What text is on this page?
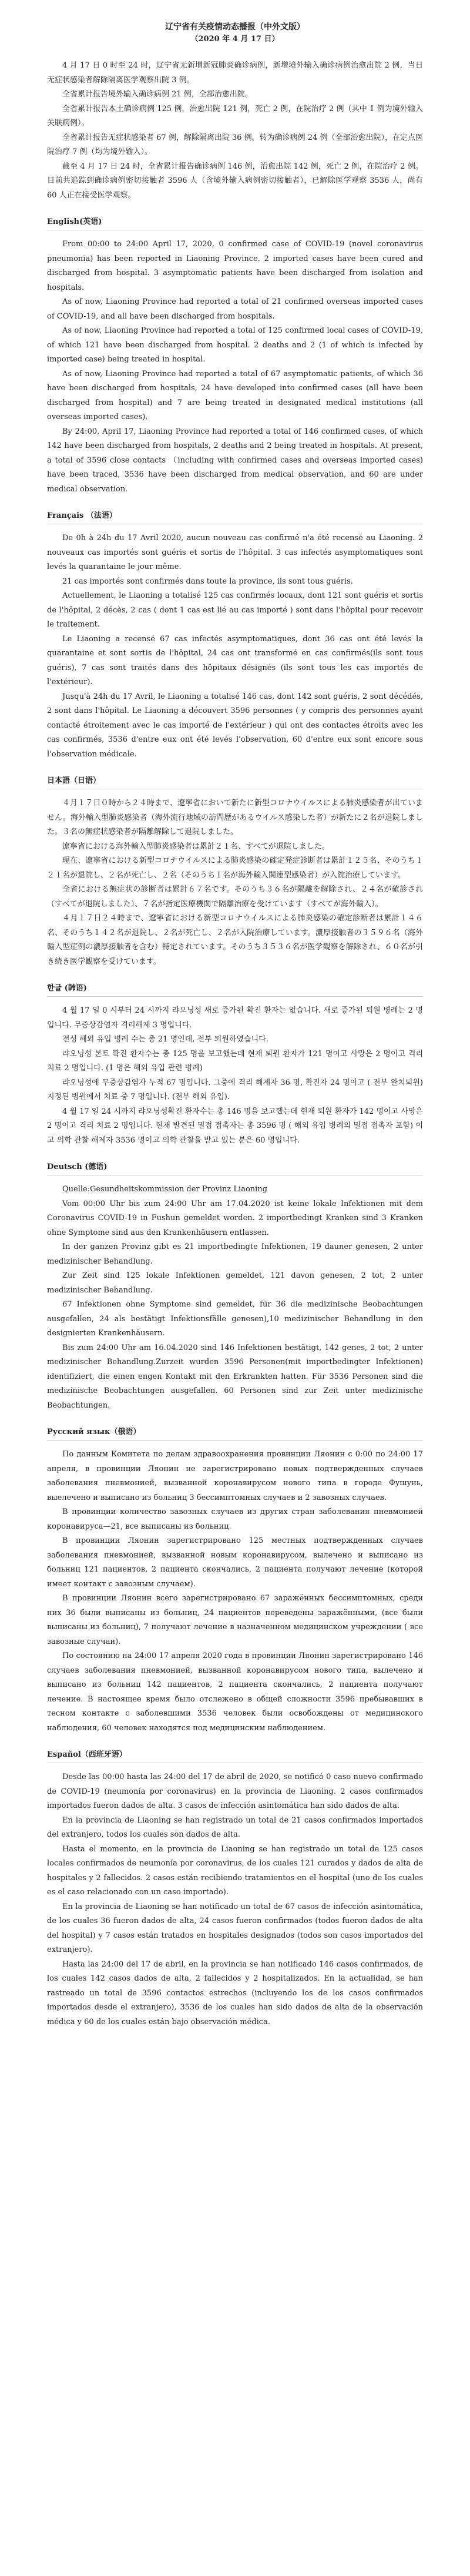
辽宁省有关疫情动态播报（中外文版）
（2020 年 4 月 17 日）

4 月 17 日 0 时至 24 时，辽宁省无新增新冠肺炎确诊病例，新增境外输入确诊病例治愈出院 2 例，当日无症状感染者解除隔离医学观察出院 3 例。

全省累计报告境外输入确诊病例 21 例，全部治愈出院。

全省累计报告本土确诊病例 125 例，治愈出院 121 例，死亡 2 例，在院治疗 2 例（其中 1 例为境外输入关联病例）。

全省累计报告无症状感染者 67 例，解除隔离出院 36 例，转为确诊病例 24 例（全部治愈出院），在定点医院治疗 7 例（均为境外输入）。

截至 4 月 17 日 24 时，全省累计报告确诊病例 146 例，治愈出院 142 例，死亡 2 例，在院治疗 2 例。目前共追踪到确诊病例密切接触者 3596 人（含境外输入病例密切接触者），已解除医学观察 3536 人，尚有 60 人正在接受医学观察。

English(英语)

From 00:00 to 24:00 April 17, 2020, 0 confirmed case of COVID-19 (novel coronavirus pneumonia) has been reported in Liaoning Province. 2 imported cases have been cured and discharged from hospital. 3 asymptomatic patients have been discharged from isolation and hospitals.

As of now, Liaoning Province had reported a total of 21 confirmed overseas imported cases of COVID-19, and all have been discharged from hospitals.

As of now, Liaoning Province had reported a total of 125 confirmed local cases of COVID-19, of which 121 have been discharged from hospital. 2 deaths and 2 (1 of which is infected by imported case) being treated in hospital.

As of now, Liaoning Province had reported a total of 67 asymptomatic patients, of which 36 have been discharged from hospitals, 24 have developed into confirmed cases (all have been discharged from hospital) and 7 are being treated in designated medical institutions (all overseas imported cases).

By 24:00, April 17, Liaoning Province had reported a total of 146 confirmed cases, of which 142 have been discharged from hospitals, 2 deaths and 2 being treated in hospitals. At present, a total of 3596 close contacts （including with confirmed cases and overseas imported cases) have been traced, 3536 have been discharged from medical observation, and 60 are under medical observation.

Français （法语）

De 0h à 24h du 17 Avril 2020, aucun nouveau cas confirmé n'a été recensé au Liaoning. 2 nouveaux cas importés sont guéris et sortis de l'hôpital. 3 cas infectés asymptomatiques sont levés la quarantaine le jour même.

21 cas importés sont confirmés dans toute la province, ils sont tous guéris.

Actuellement, le Liaoning a totalisé 125 cas confirmés locaux, dont 121 sont guéris et sortis de l'hôpital, 2 décès, 2 cas ( dont 1 cas est lié au cas importé ) sont dans l'hôpital pour recevoir le traitement.

Le Liaoning a recensé 67 cas infectés asymptomatiques, dont 36 cas ont été levés la quarantaine et sont sortis de l'hôpital, 24 cas ont transformé en cas confirmés(ils sont tous guéris), 7 cas sont traités dans des hôpitaux désignés (ils sont tous les cas importés de l'extérieur).

Jusqu'à 24h du 17 Avril, le Liaoning a totalisé 146 cas, dont 142 sont guéris, 2 sont décédés, 2 sont dans l'hôpital. Le Liaoning a découvert 3596 personnes ( y compris des personnes ayant contacté étroitement avec le cas importé de l'extérieur ) qui ont des contactes étroits avec les cas confirmés, 3536 d'entre eux ont été levés l'observation, 60 d'entre eux sont encore sous l'observation médicale.

日本語（日语）

４月１７日０時から２４時まで、遼寧省において新たに新型コロナウイルスによる肺炎感染者が出ていません。海外輸入型肺炎感染者（海外流行地域の訪問歴があるウイルス感染した者）が新たに２名が退院しました。３名の無症状感染者が隔離解除して退院しました。

遼寧省における海外輸入型肺炎感染者は累計２１名、すべてが退院しました。

現在、遼寧省における新型コロナウイルスによる肺炎感染の確定発症診断者は累計１２５名、そのうち１２１名が退院し、２名が死亡し、２名（そのうち１名が海外輸入関連型感染者）が入院治療しています。

全省における無症状の診断者は累計６７名です。そのうち３６名が隔離を解除され、２４名が確診され（すべてが退院しました）、７名が指定医療機関で隔離治療を受けています（すべてが海外輸入）。

４月１７日２４時まで、遼寧省における新型コロナウイルスによる肺炎感染の確定診断者は累計１４６名、そのうち１４２名が退院し、２名が死亡し、２名が入院治療しています。濃厚接触者の３５９６名（海外輸入型症例の濃厚接触者を含む）特定されています。そのうち３５３６名が医学観察を解除され、６０名が引き続き医学観察を受けています。

한글 (韩语)

4 월 17 일 0 시부터 24 시까지 랴오닝성 새로 증가된 확진 환자는 없습니다. 새로 증가된 퇴원 병례는 2 명입니다. 무증상감염자 격리해제 3 명입니다.

전성 해외 유입 병례 수는 총 21 명인데, 전부 퇴원하였습니다.

랴오닝성 본토 확진 환자수는 총 125 명을 보고했는데 현재 퇴원 환자가 121 명이고 사망은 2 명이고 격리 치료 2 명입니다. (1 명은 해외 유입 관련 병례)

랴오닝성에 무증상감염자 누적 67 명입니다. 그중에 격리 해제자 36 명, 확진자 24 명이고 ( 전부 완치퇴원) 지정된 병원에서 치료 중 7 명입니다. (전부 해외 유입).

4 월 17 일 24 시까지 랴오닝성확진 환자수는 총 146 명을 보고했는데 현재 퇴원 환자가 142 명이고 사망은 2 명이고 격리 치료 2 명입니다. 현재 발견된 밀접 접촉자는 총 3596 명 ( 해외 유입 병례의 밀접 접촉자 포함) 이고 의학 관찰 해제자 3536 명이고 의학 관찰을 받고 있는 분은 60 명입니다.

Deutsch (德语)

Quelle:Gesundheitskommission der Provinz Liaoning

Vom 00:00 Uhr bis zum 24:00 Uhr am 17.04.2020 ist keine lokale Infektionen mit dem Coronavirus COVID-19 in Fushun gemeldet worden. 2 importbedingt Kranken sind 3 Kranken ohne Symptome sind aus den Krankenhäusern entlassen.

In der ganzen Provinz gibt es 21 importbedingte Infektionen, 19 dauner genesen, 2 unter medizinischer Behandlung.

Zur Zeit sind 125 lokale Infektionen gemeldet, 121 davon genesen, 2 tot, 2 unter medizinischer Behandlung.

67 Infektionen ohne Symptome sind gemeldet, für 36 die medizinische Beobachtungen ausgefallen, 24 als bestätigt Infektionsfälle genesen),10 medizinischer Behandlung in den designierten Krankenhäusern.

Bis zum 24:00 Uhr am 16.04.2020 sind 146 Infektionen bestätigt, 142 genes, 2 tot, 2 unter medizinischer Behandlung.Zurzeit wurden 3596 Personen(mit importbedingter Infektionen) identifiziert, die einen engen Kontakt mit den Erkrankten hatten. Für 3536 Personen sind die medizinische Beobachtungen ausgefallen. 60 Personen sind zur Zeit unter medizinische Beobachtungen.

Русский язык（俄语）

По данным Комитета по делам здравоохранения провинции Ляонин с 0:00 по 24:00 17 апреля, в провинции Ляонин не зарегистрировано новых подтвержденных случаев заболевания пневмонией, вызванной коронавирусом нового типа в городе Фушунь, выелечено и выписано из больниц 3 бессимптомных случаев и 2 завозных случаев.

В провинции количество завозных случаев из других стран заболевания пневмонией коронавируса—21, все выписаны из больниц.

В провинции Ляонин зарегистрировано 125 местных подтвержденных случаев заболевания пневмонией, вызванной новым коронавирусом, вылечено и выписано из больниц 121 пациентов, 2 пациента скончались, 2 пациента получают лечение (которой имеет контакт с завозным случаем).

В провинции Ляонин всего зарегистрировано 67 заражённых бессимптомных, среди них 36 были выписаны из больниц, 24 пациентов переведены заражёнными, (все были выписаны из больниц), 7 получают лечение в назначенном медицинском учреждении ( все завозные случаи).

По состоянию на 24:00 17 апреля 2020 года в провинции Ляонин зарегистрировано 146 случаев заболевания пневмонией, вызванной коронавирусом нового типа, вылечено и выписано из больниц 142 пациентов, 2 пациента скончались, 2 пациента получают лечение. В настоящее время было отслежено в общей сложности 3596 пребывавших в тесном контакте с заболевшими 3536 человек были освобождены от медицинского наблюдения, 60 человек находятся под медицинским наблюдением.

Español（西班牙语）

Desde las 00:00 hasta las 24:00 del 17 de abril de 2020, se notificó 0 caso nuevo confirmado de COVID-19 (neumonía por coronavirus) en la provincia de Liaoning. 2 casos confirmados importados fueron dados de alta. 3 casos de infección asintomática han sido dados de alta.

En la provincia de Liaoning se han registrado un total de 21 casos confirmados importados del extranjero, todos los cuales son dados de alta.

Hasta el momento, en la provincia de Liaoning se han registrado un total de 125 casos locales confirmados de neumonía por coronavirus, de los cuales 121 curados y dados de alta de hospitales y 2 fallecidos. 2 casos están recibiendo tratamientos en el hospital (uno de los cuales es el caso relacionado con un caso importado).

En la provincia de Liaoning se han notificado un total de 67 casos de infección asintomática, de los cuales 36 fueron dados de alta, 24 casos fueron confirmados (todos fueron dados de alta del hospital) y 7 casos están tratados en hospitales designados (todos son casos importados del extranjero).

Hasta las 24:00 del 17 de abril, en la provincia se han notificado 146 casos confirmados, de los cuales 142 casos dados de alta, 2 fallecidos y 2 hospitalizados. En la actualidad, se han rastreado un total de 3596 contactos estrechos (incluyendo los de los casos confirmados importados desde el extranjero), 3536 de los cuales han sido dados de alta de la observación médica y 60 de los cuales están bajo observación médica.
